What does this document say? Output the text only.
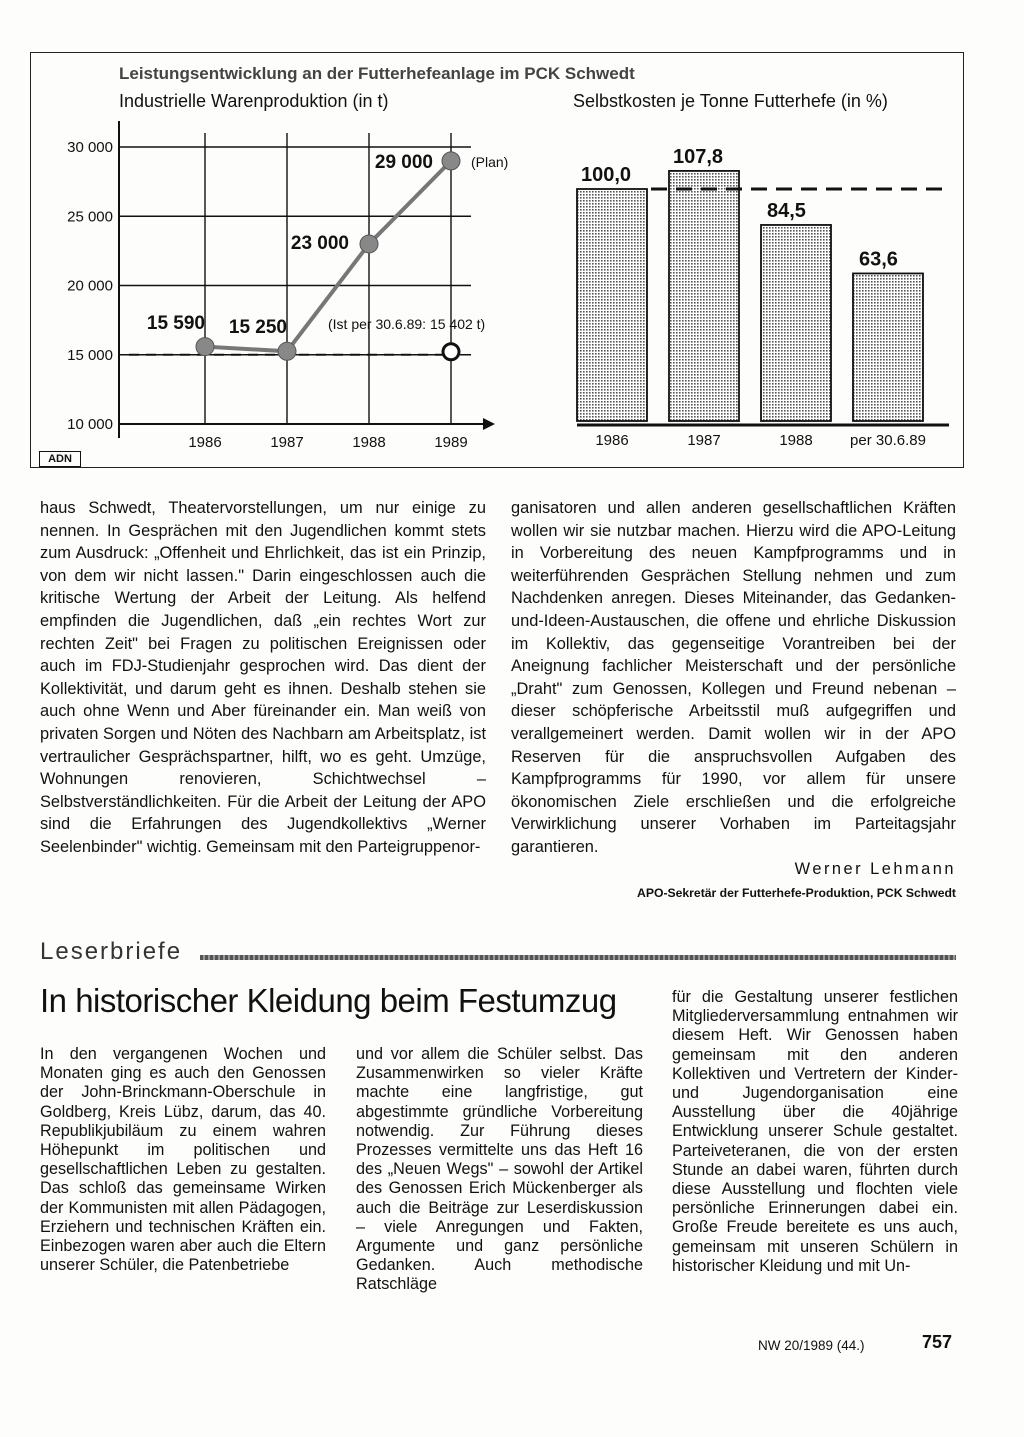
Leistungsentwicklung an der Futterhefeanlage im PCK Schwedt
Industrielle Warenproduktion (in t)	Selbstkosten je Tonne Futterhefe (in %)
30 000
25 000
20 000
15 000
10 000
1986	1987	1988	1989
15 590 15 250
23 000
29 000
100,0
1986
107,8
1987
84,5
1988
63,6
per 30.6.89
(Plan)
(Ist per 30.6.89: 15 402 t)
ADN

haus Schwedt, Theatervorstellungen, um nur einige zu nennen. In Gesprächen mit den Jugendlichen kommt stets zum Ausdruck: „Offenheit und Ehrlichkeit, das ist ein Prinzip, von dem wir nicht lassen." Darin eingeschlossen auch die kritische Wertung der Arbeit der Leitung. Als helfend empfinden die Jugendlichen, daß „ein rechtes Wort zur rechten Zeit" bei Fragen zu politischen Ereignissen oder auch im FDJ-Studienjahr gesprochen wird. Das dient der Kollektivität, und darum geht es ihnen. Deshalb stehen sie auch ohne Wenn und Aber füreinander ein. Man weiß von privaten Sorgen und Nöten des Nachbarn am Arbeitsplatz, ist vertraulicher Gesprächspartner, hilft, wo es geht. Umzüge, Wohnungen renovieren, Schichtwechsel – Selbstverständlichkeiten. Für die Arbeit der Leitung der APO sind die Erfahrungen des Jugendkollektivs „Werner Seelenbinder" wichtig. Gemeinsam mit den Parteigruppenor-

ganisatoren und allen anderen gesellschaftlichen Kräften wollen wir sie nutzbar machen. Hierzu wird die APO-Leitung in Vorbereitung des neuen Kampfprogramms und in weiterführenden Gesprächen Stellung nehmen und zum Nachdenken anregen. Dieses Miteinander, das Gedanken-und-Ideen-Austauschen, die offene und ehrliche Diskussion im Kollektiv, das gegenseitige Vorantreiben bei der Aneignung fachlicher Meisterschaft und der persönliche „Draht" zum Genossen, Kollegen und Freund nebenan – dieser schöpferische Arbeitsstil muß aufgegriffen und verallgemeinert werden. Damit wollen wir in der APO Reserven für die anspruchsvollen Aufgaben des Kampfprogramms für 1990, vor allem für unsere ökonomischen Ziele erschließen und die erfolgreiche Verwirklichung unserer Vorhaben im Parteitagsjahr garantieren.

Werner Lehmann
APO-Sekretär der Futterhefe-Produktion, PCK Schwedt
Leserbriefe
In historischer Kleidung beim Festumzug

In den vergangenen Wochen und Monaten ging es auch den Genossen der John-Brinckmann-Oberschule in Goldberg, Kreis Lübz, darum, das 40. Republikjubiläum zu einem wahren Höhepunkt im politischen und gesellschaftlichen Leben zu gestalten. Das schloß das gemeinsame Wirken der Kommunisten mit allen Pädagogen, Erziehern und technischen Kräften ein. Einbezogen waren aber auch die Eltern unserer Schüler, die Patenbetriebe

und vor allem die Schüler selbst. Das Zusammenwirken so vieler Kräfte machte eine langfristige, gut abgestimmte gründliche Vorbereitung notwendig. Zur Führung dieses Prozesses vermittelte uns das Heft 16 des „Neuen Wegs" – sowohl der Artikel des Genossen Erich Mückenberger als auch die Beiträge zur Leserdiskussion – viele Anregungen und Fakten, Argumente und ganz persönliche Gedanken. Auch methodische Ratschläge

für die Gestaltung unserer festlichen Mitgliederversammlung entnahmen wir diesem Heft. Wir Genossen haben gemeinsam mit den anderen Kollektiven und Vertretern der Kinder- und Jugendorganisation eine Ausstellung über die 40jährige Entwicklung unserer Schule gestaltet. Parteiveteranen, die von der ersten Stunde an dabei waren, führten durch diese Ausstellung und flochten viele persönliche Erinnerungen dabei ein. Große Freude bereitete es uns auch, gemeinsam mit unseren Schülern in historischer Kleidung und mit Un-

NW 20/1989 (44.)	757
